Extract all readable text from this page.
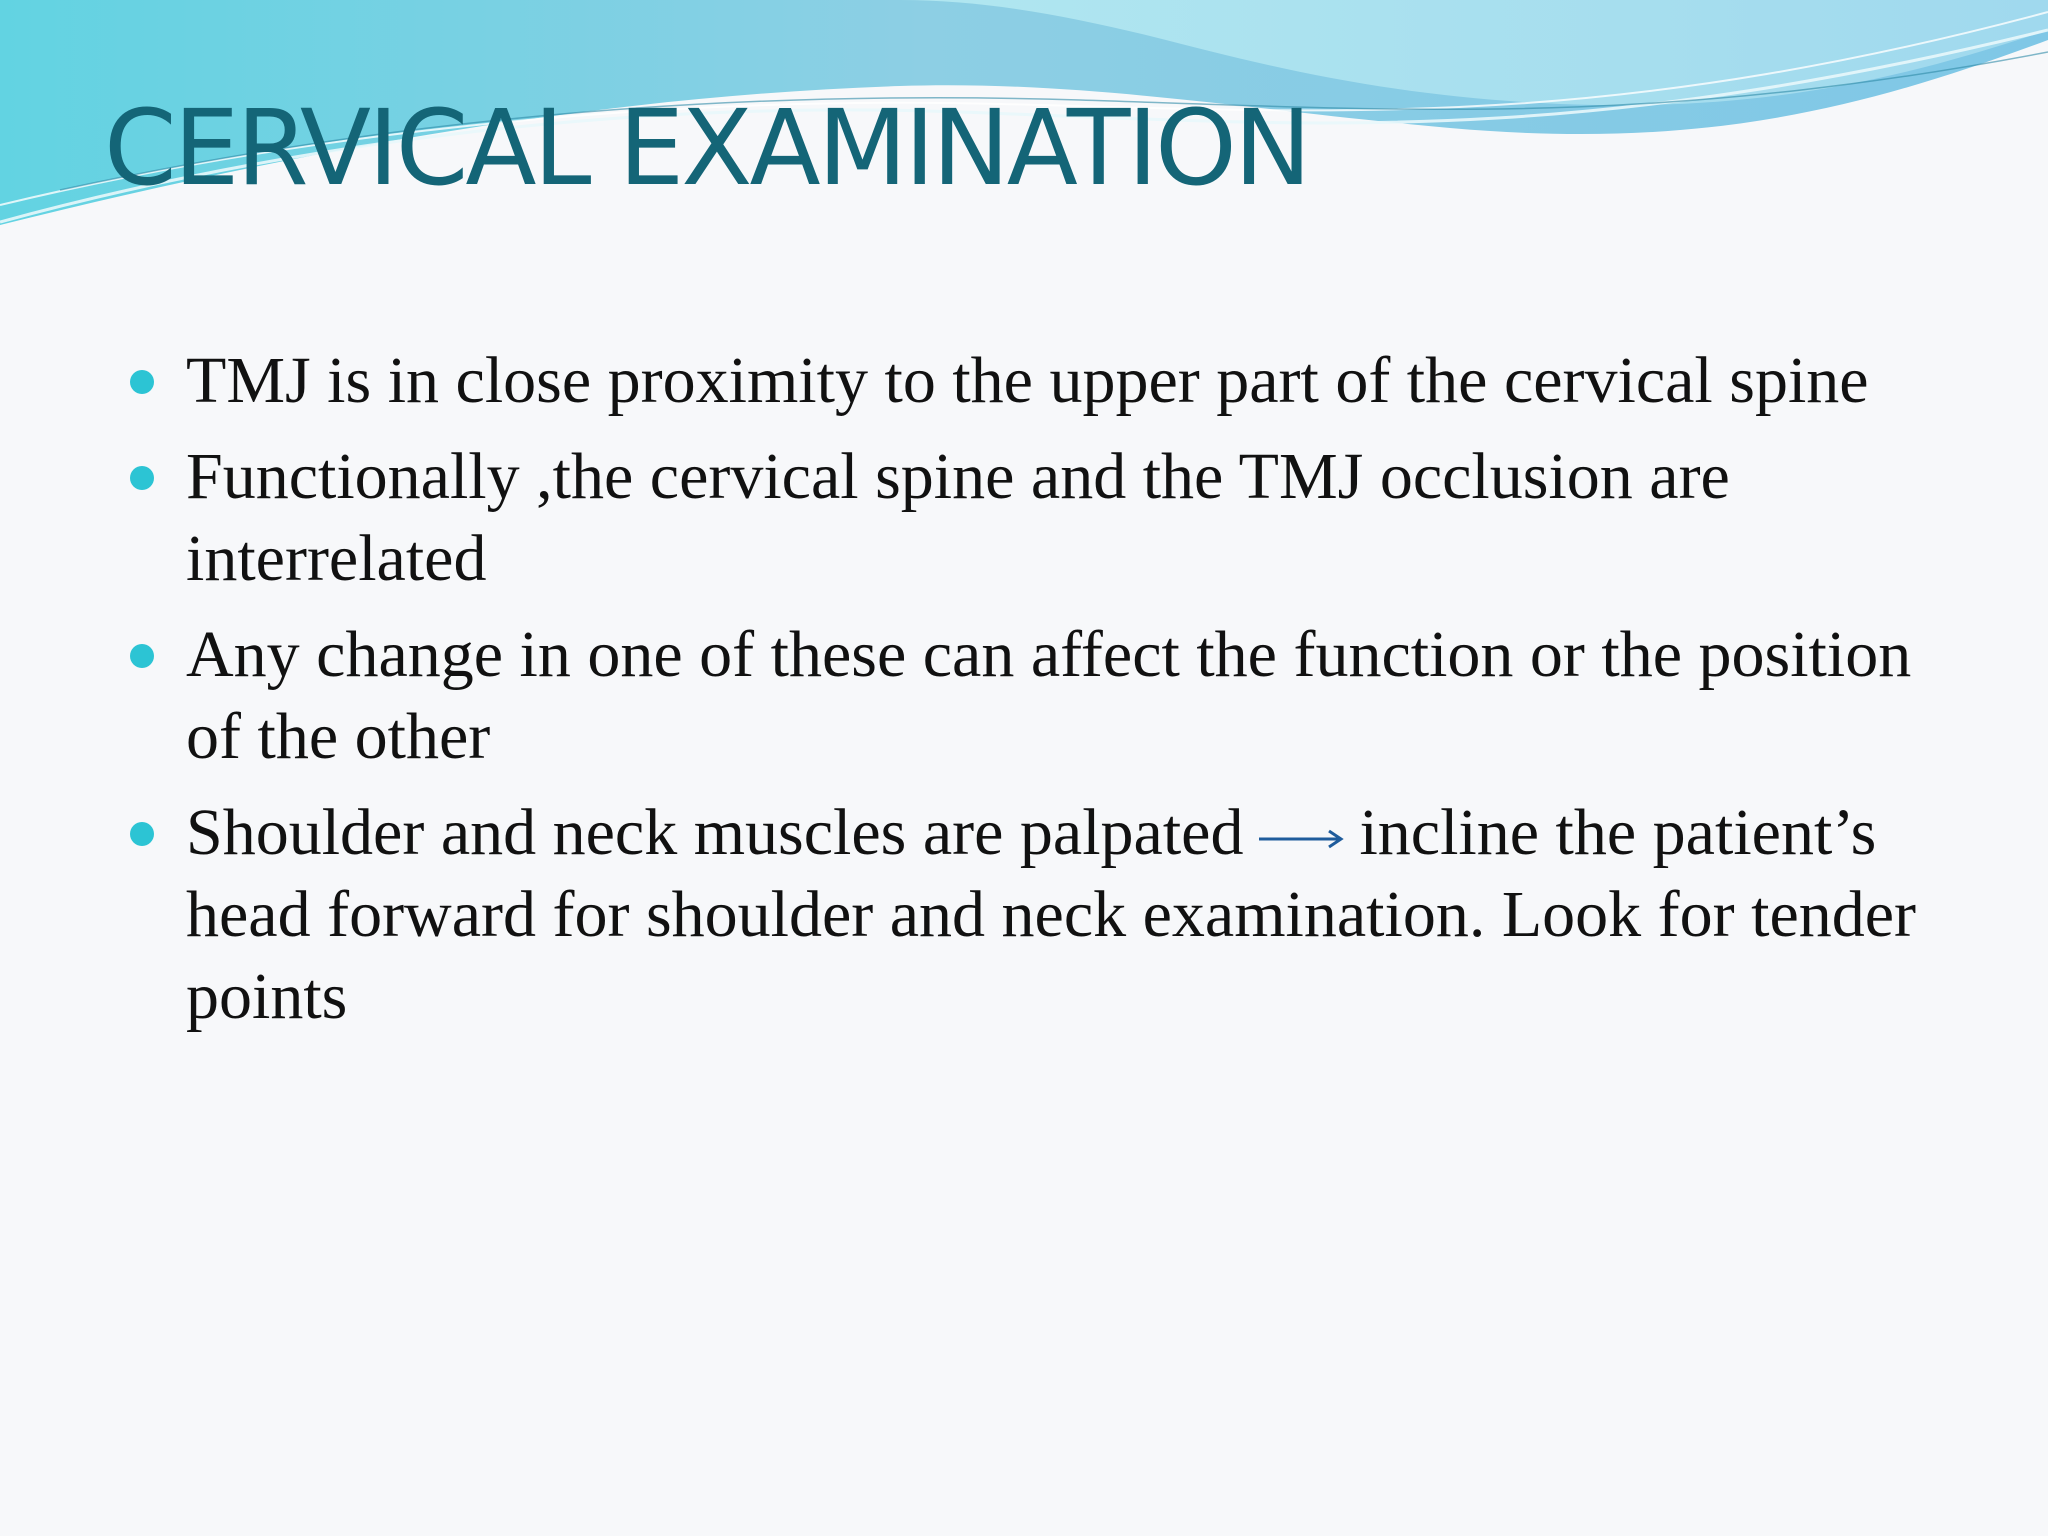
CERVICAL EXAMINATION
TMJ is in close proximity to the upper part of the cervical spine
Functionally ,the cervical spine and the TMJ occlusion are interrelated
Any change in one of these can affect the function or the position of the other
Shoulder and neck muscles are palpated incline the patient’s head forward for shoulder and neck examination. Look for tender points
